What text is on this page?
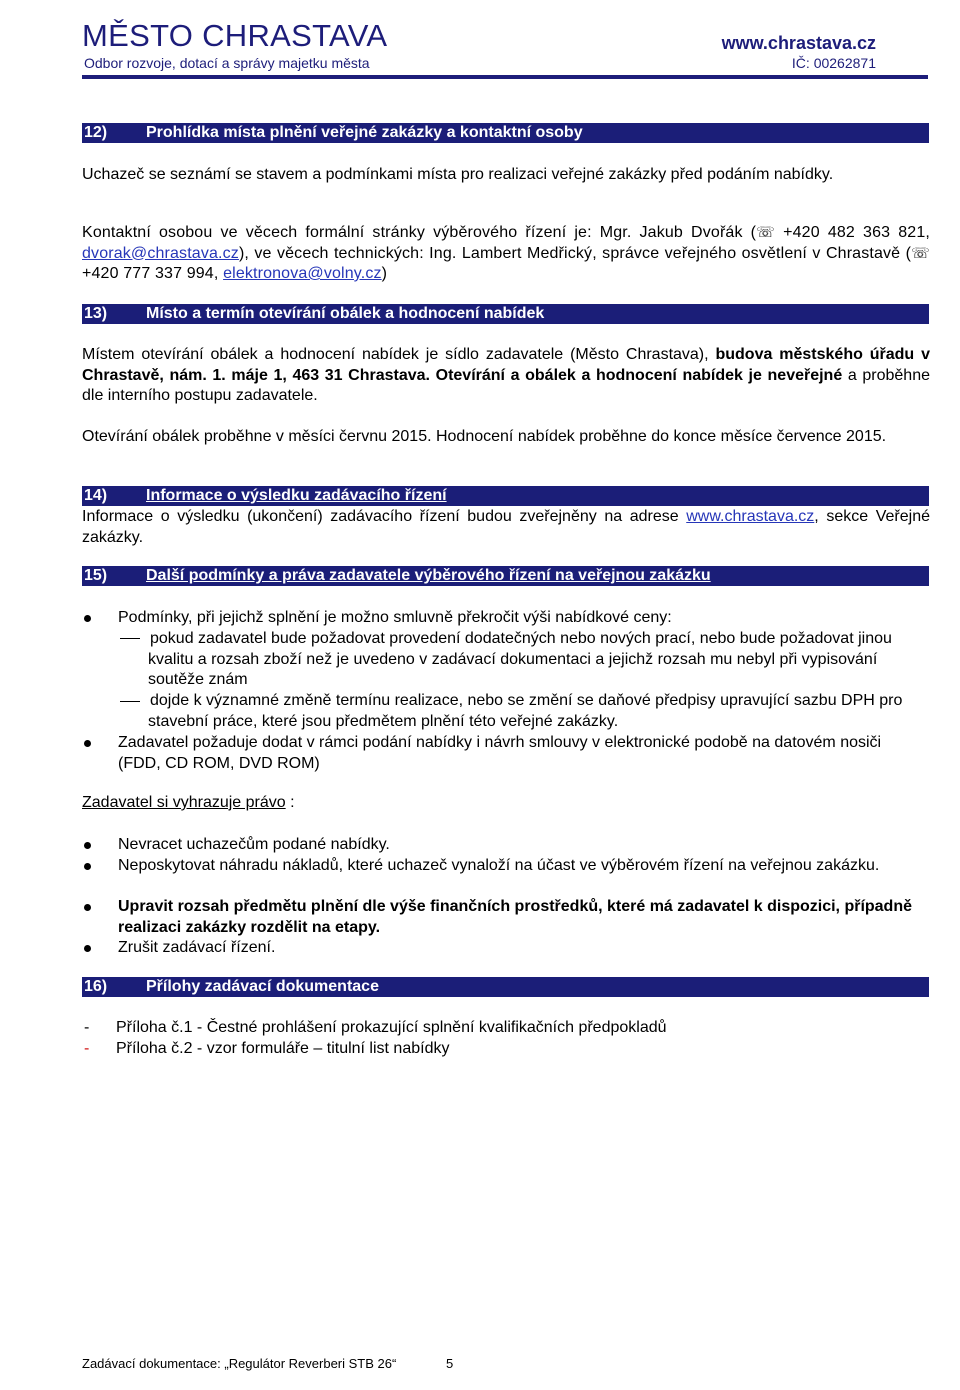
MĚSTO CHRASTAVA	www.chrastava.cz
Odbor rozvoje, dotací a správy majetku města	IČ: 00262871
12) Prohlídka místa plnění veřejné zakázky a kontaktní osoby
Uchazeč se seznámí se stavem a podmínkami místa pro realizaci veřejné zakázky před podáním nabídky.
Kontaktní osobou ve věcech formální stránky výběrového řízení je: Mgr. Jakub Dvořák (☏ +420 482 363 821, dvorak@chrastava.cz), ve věcech technických: Ing. Lambert Medřický, správce veřejného osvětlení v Chrastavě (☏ +420 777 337 994, elektronova@volny.cz)
13) Místo a termín otevírání obálek a hodnocení nabídek
Místem otevírání obálek a hodnocení nabídek je sídlo zadavatele (Město Chrastava), budova městského úřadu v Chrastavě, nám. 1. máje 1, 463 31 Chrastava. Otevírání a obálek a hodnocení nabídek je neveřejné a proběhne dle interního postupu zadavatele.
Otevírání obálek proběhne v měsíci červnu 2015. Hodnocení nabídek proběhne do konce měsíce července 2015.
14) Informace o výsledku zadávacího řízení
Informace o výsledku (ukončení) zadávacího řízení budou zveřejněny na adrese www.chrastava.cz, sekce Veřejné zakázky.
15) Další podmínky a práva zadavatele výběrového řízení na veřejnou zakázku
Podmínky, při jejichž splnění je možno smluvně překročit výši nabídkové ceny:
pokud zadavatel bude požadovat provedení dodatečných nebo nových prací, nebo bude požadovat jinou kvalitu a rozsah zboží než je uvedeno v zadávací dokumentaci a jejichž rozsah mu nebyl při vypisování soutěže znám
dojde k významné změně termínu realizace, nebo se změní se daňové předpisy upravující sazbu DPH pro stavební práce, které jsou předmětem plnění této veřejné zakázky.
Zadavatel požaduje dodat v rámci podání nabídky i návrh smlouvy v elektronické podobě na datovém nosiči (FDD, CD ROM, DVD ROM)
Zadavatel si vyhrazuje právo :
Nevracet uchazečům podané nabídky.
Neposkytovat náhradu nákladů, které uchazeč vynaloží na účast ve výběrovém řízení na veřejnou zakázku.
Upravit rozsah předmětu plnění dle výše finančních prostředků, které má zadavatel k dispozici, případně realizaci zakázky rozdělit na etapy.
Zrušit zadávací řízení.
16) Přílohy zadávací dokumentace
- Příloha č.1 - Čestné prohlášení prokazující splnění kvalifikačních předpokladů
- Příloha č.2 - vzor formuláře – titulní list nabídky
Zadávací dokumentace: „Regulátor Reverberi STB 26“	5
